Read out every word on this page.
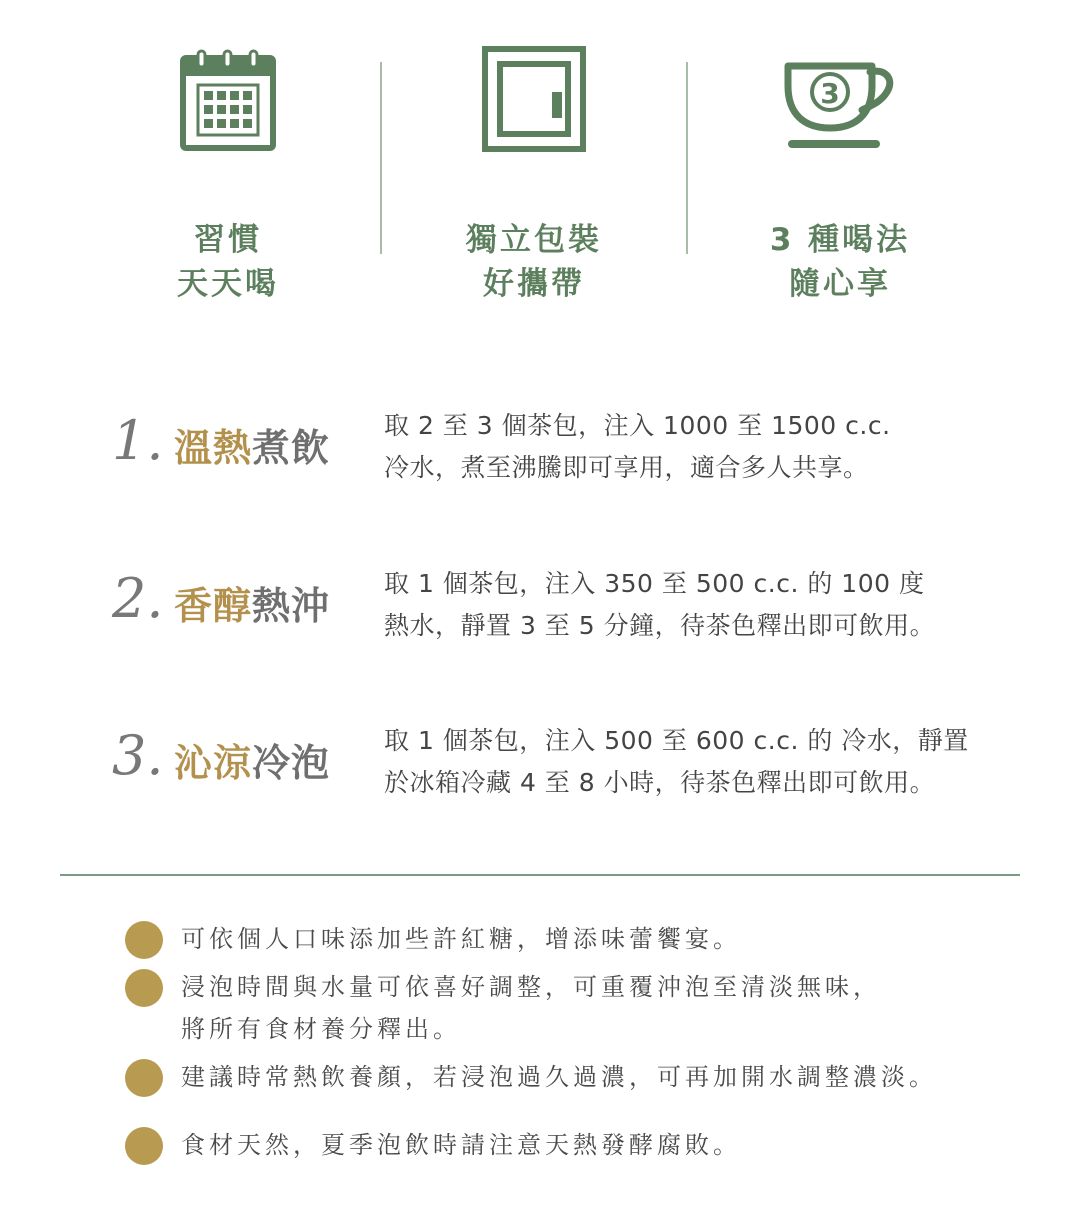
習慣
天天喝
獨立包裝
好攜帶
3
3 種喝法
隨心享
1. 溫熱煮飲

取 2 至 3 個茶包，注入 1000 至 1500 c.c.

冷水，煮至沸騰即可享用，適合多人共享。

2. 香醇熱沖

取 1 個茶包，注入 350 至 500 c.c. 的 100 度

熱水，靜置 3 至 5 分鐘，待茶色釋出即可飲用。

3. 沁涼冷泡

取 1 個茶包，注入 500 至 600 c.c. 的 冷水，靜置

於冰箱冷藏 4 至 8 小時，待茶色釋出即可飲用。

可依個人口味添加些許紅糖，增添味蕾饗宴。

浸泡時間與水量可依喜好調整，可重覆沖泡至清淡無味，

將所有食材養分釋出。

建議時常熱飲養顏，若浸泡過久過濃，可再加開水調整濃淡。

食材天然，夏季泡飲時請注意天熱發酵腐敗。
